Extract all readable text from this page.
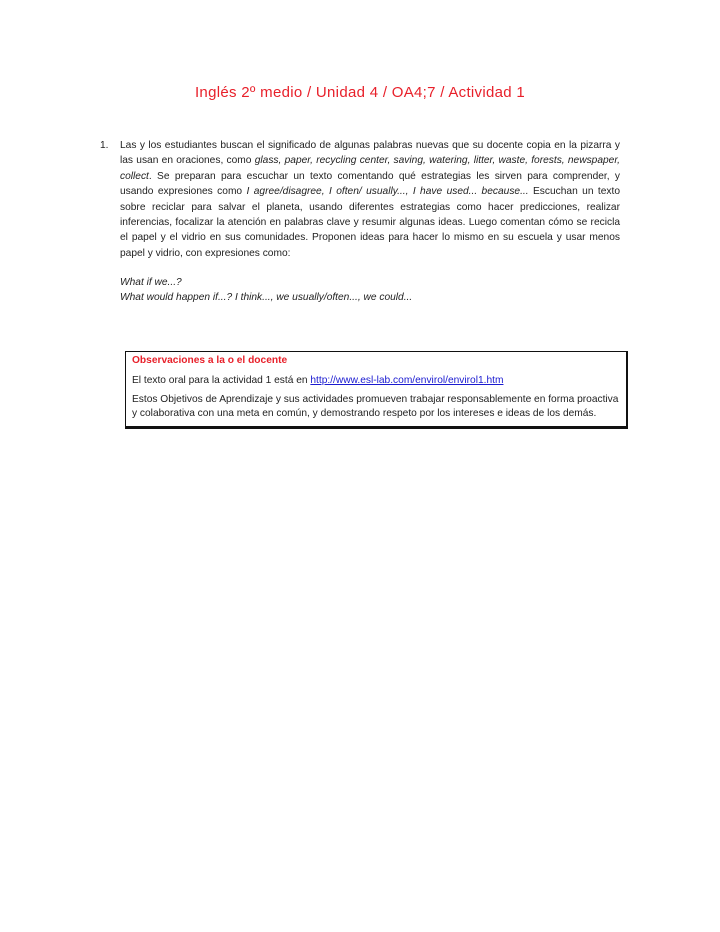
Inglés 2º medio / Unidad 4 / OA4;7 / Actividad 1
1. Las y los estudiantes buscan el significado de algunas palabras nuevas que su docente copia en la pizarra y las usan en oraciones, como glass, paper, recycling center, saving, watering, litter, waste, forests, newspaper, collect. Se preparan para escuchar un texto comentando qué estrategias les sirven para comprender, y usando expresiones como I agree/disagree, I often/ usually..., I have used... because... Escuchan un texto sobre reciclar para salvar el planeta, usando diferentes estrategias como hacer predicciones, realizar inferencias, focalizar la atención en palabras clave y resumir algunas ideas. Luego comentan cómo se recicla el papel y el vidrio en sus comunidades. Proponen ideas para hacer lo mismo en su escuela y usar menos papel y vidrio, con expresiones como:
What if we...?
What would happen if...? I think..., we usually/often..., we could...
Observaciones a la o el docente

El texto oral para la actividad 1 está en http://www.esl-lab.com/envirol/envirol1.htm

Estos Objetivos de Aprendizaje y sus actividades promueven trabajar responsablemente en forma proactiva y colaborativa con una meta en común, y demostrando respeto por los intereses e ideas de los demás.
